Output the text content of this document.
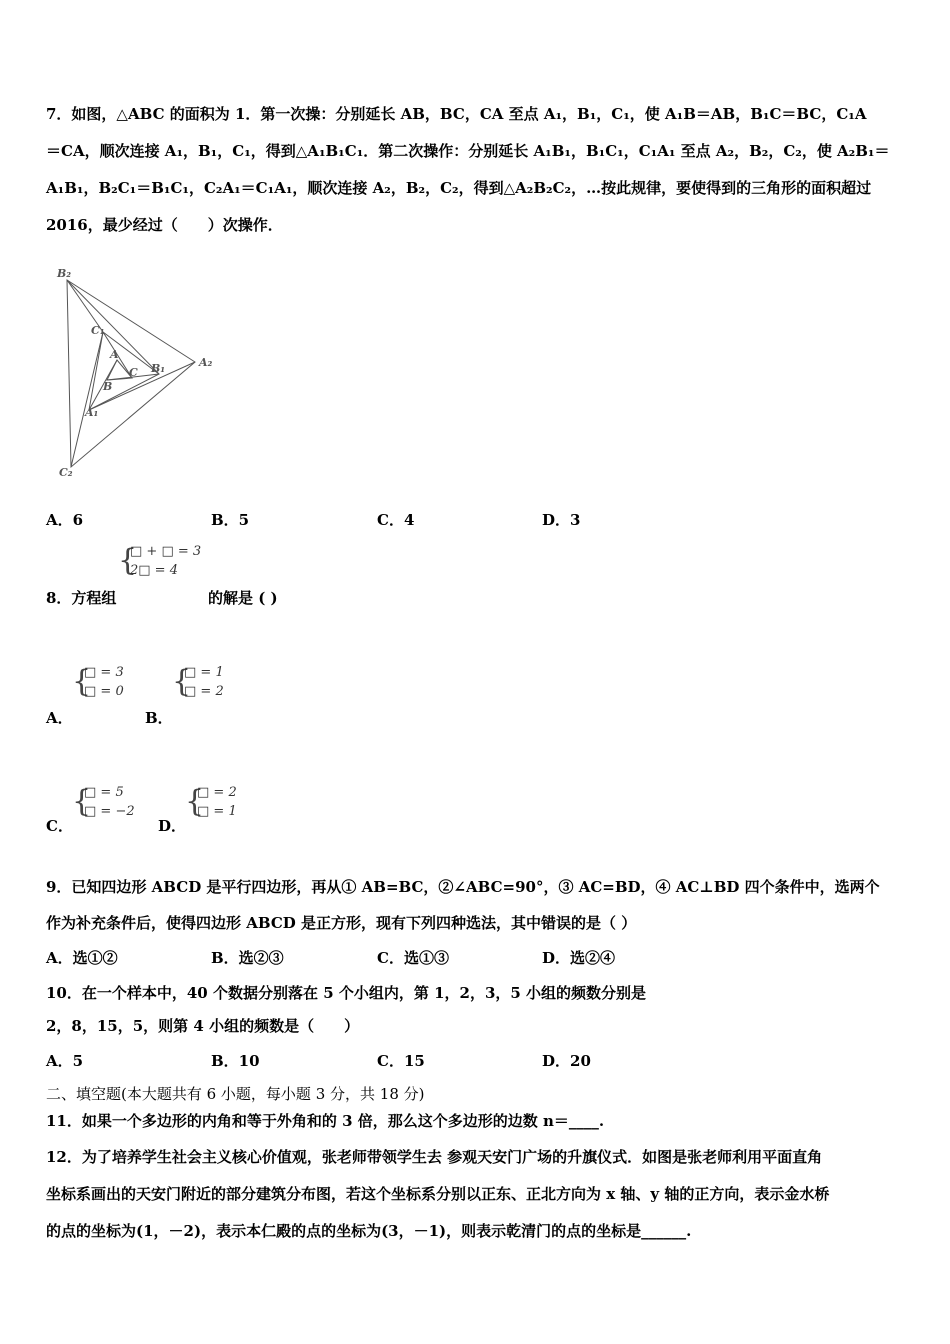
7．如图，△ABC 的面积为 1．第一次操：分别延长 AB，BC，CA 至点 A₁，B₁，C₁，使 A₁B＝AB，B₁C＝BC，C₁A
＝CA，顺次连接 A₁，B₁，C₁，得到△A₁B₁C₁．第二次操作：分别延长 A₁B₁，B₁C₁，C₁A₁ 至点 A₂，B₂，C₂，使 A₂B₁＝
A₁B₁，B₂C₁＝B₁C₁，C₂A₁＝C₁A₁，顺次连接 A₂，B₂，C₂，得到△A₂B₂C₂，…按此规律，要使得到的三角形的面积超过
2016，最少经过（　　）次操作．
B₂
C₁
A
C B₁
B
A₁
A₂
C₂
A．6	B．5	C．4	D．3
{
□ + □ = 3
2□ = 4
8．方程组	的解是 ( )
{
□ = 3
□ = 0
A．
{
□ = 1
□ = 2
B．
{
□ = 5
□ = −2
C．
{
□ = 2
□ = 1
D．
9．已知四边形 ABCD 是平行四边形，再从① AB=BC，②∠ABC=90°，③ AC=BD，④ AC⊥BD 四个条件中，选两个
作为补充条件后，使得四边形 ABCD 是正方形，现有下列四种选法，其中错误的是（ ）
A．选①②	B．选②③	C．选①③	D．选②④
10．在一个样本中，40 个数据分别落在 5 个小组内，第 1，2，3，5 小组的频数分别是
2，8，15，5，则第 4 小组的频数是（　　）
A．5	B．10	C．15	D．20
二、填空题(本大题共有 6 小题，每小题 3 分，共 18 分)
11．如果一个多边形的内角和等于外角和的 3 倍，那么这个多边形的边数 n＝____.
12．为了培养学生社会主义核心价值观，张老师带领学生去 参观天安门广场的升旗仪式．如图是张老师利用平面直角
坐标系画出的天安门附近的部分建筑分布图，若这个坐标系分别以正东、正北方向为 x 轴、y 轴的正方向，表示金水桥
的点的坐标为(1，－2)，表示本仁殿的点的坐标为(3，－1)，则表示乾清门的点的坐标是______.
